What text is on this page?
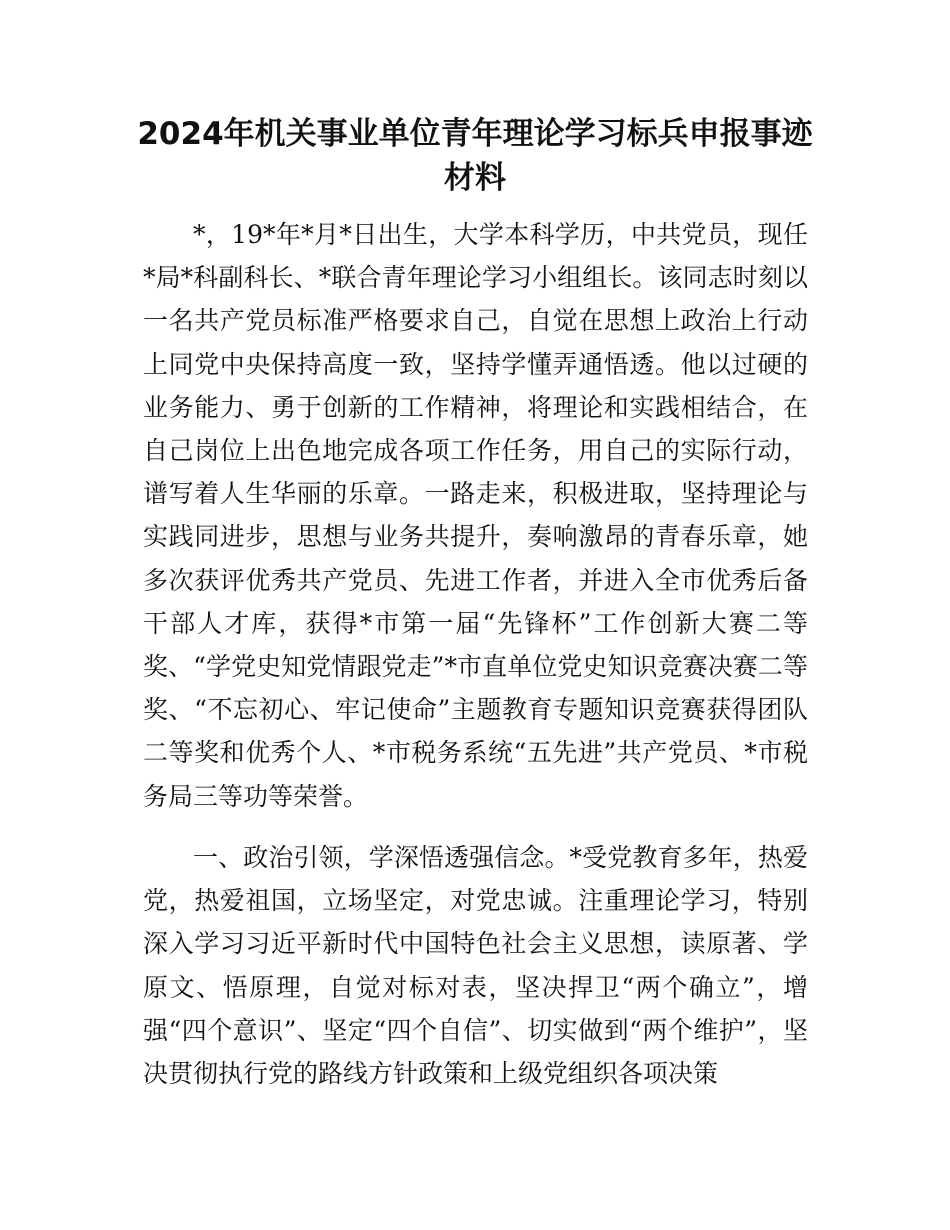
2024年机关事业单位青年理论学习标兵申报事迹材料

*，19*年*月*日出生，大学本科学历，中共党员，现任*局*科副科长、*联合青年理论学习小组组长。该同志时刻以一名共产党员标准严格要求自己，自觉在思想上政治上行动上同党中央保持高度一致，坚持学懂弄通悟透。他以过硬的业务能力、勇于创新的工作精神，将理论和实践相结合，在自己岗位上出色地完成各项工作任务，用自己的实际行动，谱写着人生华丽的乐章。一路走来，积极进取，坚持理论与实践同进步，思想与业务共提升，奏响激昂的青春乐章，她多次获评优秀共产党员、先进工作者，并进入全市优秀后备干部人才库，获得*市第一届“先锋杯”工作创新大赛二等奖、“学党史知党情跟党走”*市直单位党史知识竞赛决赛二等奖、“不忘初心、牢记使命”主题教育专题知识竞赛获得团队二等奖和优秀个人、*市税务系统“五先进”共产党员、*市税务局三等功等荣誉。

一、政治引领，学深悟透强信念。*受党教育多年，热爱党，热爱祖国，立场坚定，对党忠诚。注重理论学习，特别深入学习习近平新时代中国特色社会主义思想，读原著、学原文、悟原理，自觉对标对表，坚决捍卫“两个确立”，增强“四个意识”、坚定“四个自信”、切实做到“两个维护”，坚决贯彻执行党的路线方针政策和上级党组织各项决策
